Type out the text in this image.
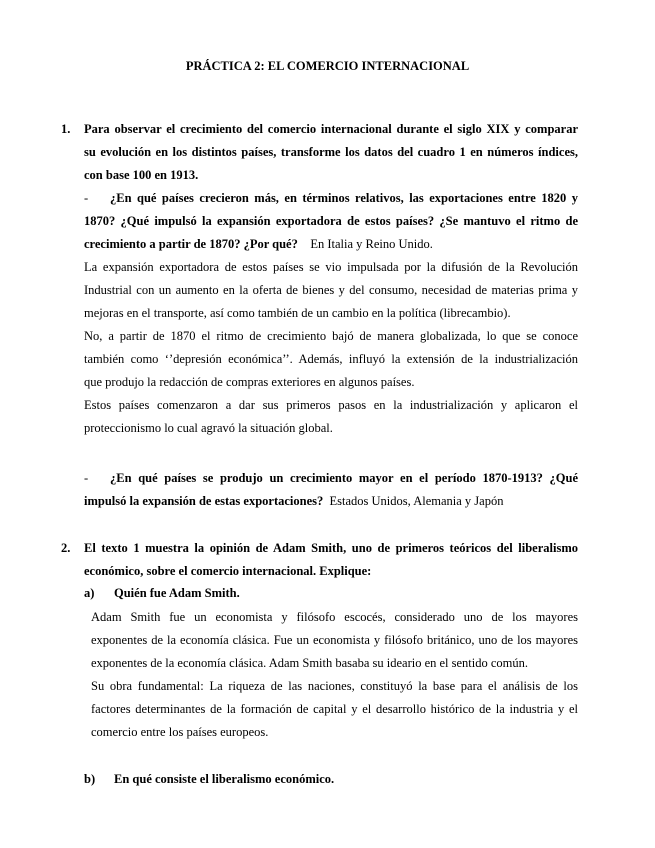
PRÁCTICA 2: EL COMERCIO INTERNACIONAL
1. Para observar el crecimiento del comercio internacional durante el siglo XIX y comparar
su evolución en los distintos países, transforme los datos del cuadro 1 en números índices,
con base 100 en 1913.
- ¿En qué países crecieron más, en términos relativos, las exportaciones entre 1820 y
1870? ¿Qué impulsó la expansión exportadora de estos países? ¿Se mantuvo el ritmo de
crecimiento a partir de 1870? ¿Por qué? En Italia y Reino Unido.
La expansión exportadora de estos países se vio impulsada por la difusión de la Revolución
Industrial con un aumento en la oferta de bienes y del consumo, necesidad de materias prima y
mejoras en el transporte, así como también de un cambio en la política (librecambio).
No, a partir de 1870 el ritmo de crecimiento bajó de manera globalizada, lo que se conoce
también como ‘’depresión económica’’. Además, influyó la extensión de la industrialización
que produjo la redacción de compras exteriores en algunos países.
Estos países comenzaron a dar sus primeros pasos en la industrialización y aplicaron el
proteccionismo lo cual agravó la situación global.
- ¿En qué países se produjo un crecimiento mayor en el período 1870-1913? ¿Qué
impulsó la expansión de estas exportaciones? Estados Unidos, Alemania y Japón
2. El texto 1 muestra la opinión de Adam Smith, uno de primeros teóricos del liberalismo
económico, sobre el comercio internacional. Explique:
a) Quién fue Adam Smith.
Adam Smith fue un economista y filósofo escocés, considerado uno de los mayores
exponentes de la economía clásica. Fue un economista y filósofo británico, uno de los mayores
exponentes de la economía clásica. Adam Smith basaba su ideario en el sentido común.
Su obra fundamental: La riqueza de las naciones, constituyó la base para el análisis de los
factores determinantes de la formación de capital y el desarrollo histórico de la industria y el
comercio entre los países europeos.
b) En qué consiste el liberalismo económico.
